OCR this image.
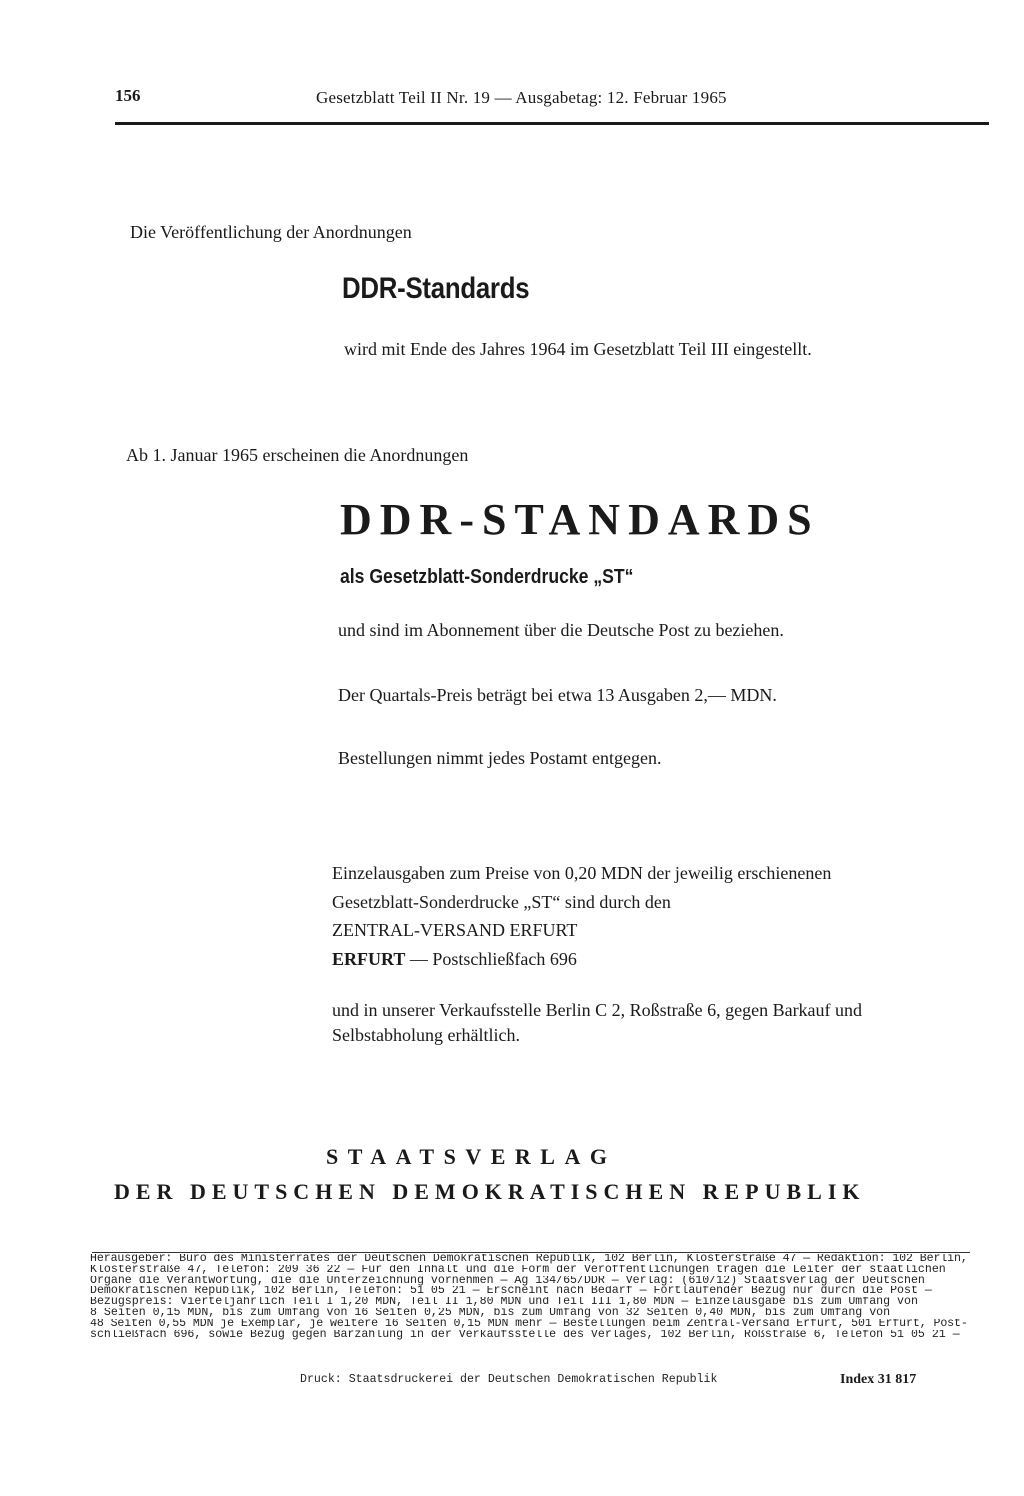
156	Gesetzblatt Teil II Nr. 19 — Ausgabetag: 12. Februar 1965
Die Veröffentlichung der Anordnungen
DDR-Standards
wird mit Ende des Jahres 1964 im Gesetzblatt Teil III eingestellt.
Ab 1. Januar 1965 erscheinen die Anordnungen
DDR-STANDARDS
als Gesetzblatt-Sonderdrucke „ST“
und sind im Abonnement über die Deutsche Post zu beziehen.
Der Quartals-Preis beträgt bei etwa 13 Ausgaben 2,— MDN.
Bestellungen nimmt jedes Postamt entgegen.
Einzelausgaben zum Preise von 0,20 MDN der jeweilig erschienenen
Gesetzblatt-Sonderdrucke „ST“ sind durch den
ZENTRAL-VERSAND ERFURT
ERFURT — Postschließfach 696
und in unserer Verkaufsstelle Berlin C 2, Roßstraße 6, gegen Barkauf und
Selbstabholung erhältlich.
STAATSVERLAG
DER DEUTSCHEN DEMOKRATISCHEN REPUBLIK
Herausgeber: Büro des Ministerrates der Deutschen Demokratischen Republik, 102 Berlin, Klosterstraße 47 — Redaktion: 102 Berlin,
Klosterstraße 47, Telefon: 209 36 22 — Für den Inhalt und die Form der Veröffentlichungen tragen die Leiter der staatlichen
Organe die Verantwortung, die die Unterzeichnung vornehmen — Ag 134/65/DDR — Verlag: (610/12) Staatsverlag der Deutschen
Demokratischen Republik, 102 Berlin, Telefon: 51 05 21 — Erscheint nach Bedarf — Fortlaufender Bezug nur durch die Post —
Bezugspreis: Vierteljährlich Teil I 1,20 MDN, Teil II 1,80 MDN und Teil III 1,80 MDN — Einzelausgabe bis zum Umfang von
8 Seiten 0,15 MDN, bis zum Umfang von 16 Seiten 0,25 MDN, bis zum Umfang von 32 Seiten 0,40 MDN, bis zum Umfang von
48 Seiten 0,55 MDN je Exemplar, je weitere 16 Seiten 0,15 MDN mehr — Bestellungen beim Zentral-Versand Erfurt, 501 Erfurt, Post-
schließfach 696, sowie Bezug gegen Barzahlung in der Verkaufsstelle des Verlages, 102 Berlin, Roßstraße 6, Telefon 51 05 21 —
Druck: Staatsdruckerei der Deutschen Demokratischen Republik	Index 31 817
